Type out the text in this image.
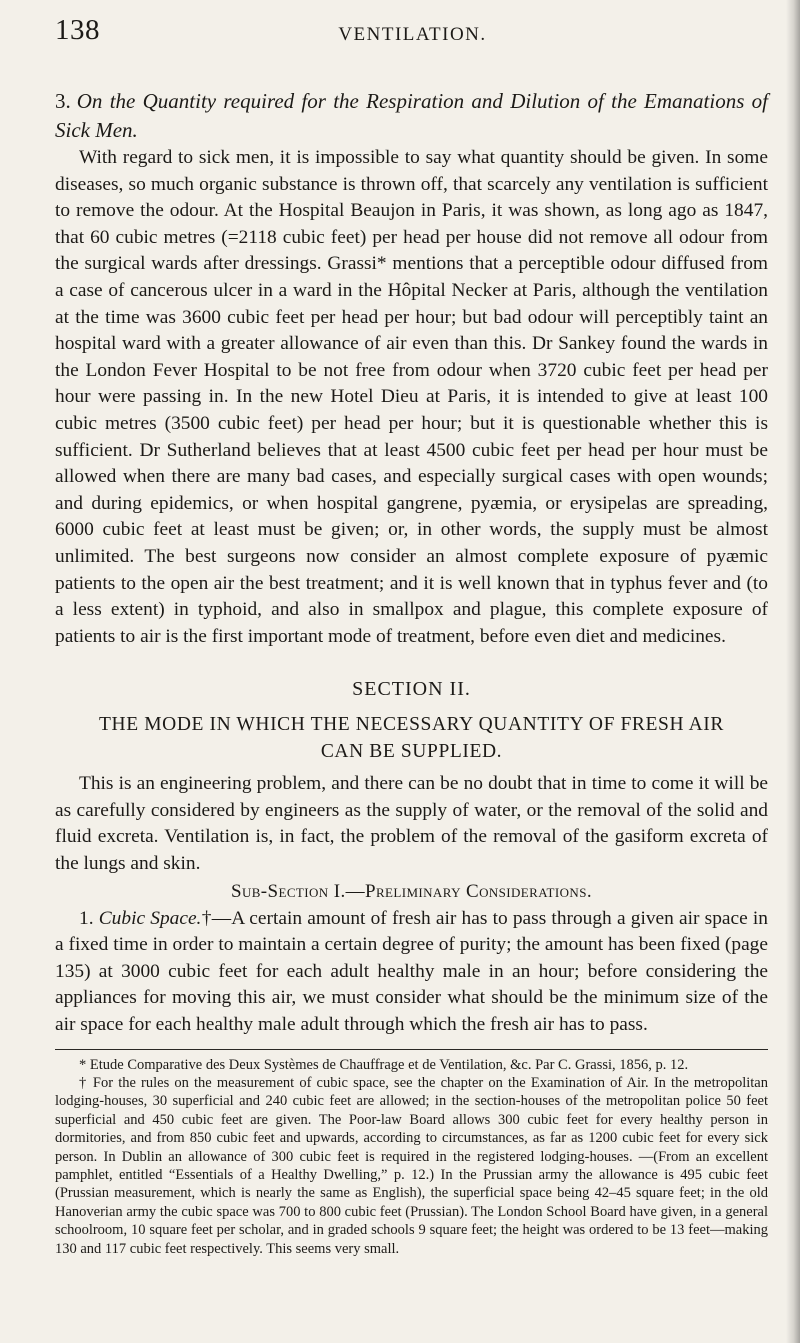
138	VENTILATION.

3. On the Quantity required for the Respiration and Dilution of the Emanations of Sick Men.

With regard to sick men, it is impossible to say what quantity should be given. In some diseases, so much organic substance is thrown off, that scarcely any ventilation is sufficient to remove the odour. At the Hospital Beaujon in Paris, it was shown, as long ago as 1847, that 60 cubic metres (=2118 cubic feet) per head per house did not remove all odour from the surgical wards after dressings. Grassi* mentions that a perceptible odour diffused from a case of cancerous ulcer in a ward in the Hôpital Necker at Paris, although the ventilation at the time was 3600 cubic feet per head per hour; but bad odour will perceptibly taint an hospital ward with a greater allowance of air even than this. Dr Sankey found the wards in the London Fever Hospital to be not free from odour when 3720 cubic feet per head per hour were passing in. In the new Hotel Dieu at Paris, it is intended to give at least 100 cubic metres (3500 cubic feet) per head per hour; but it is questionable whether this is sufficient. Dr Sutherland believes that at least 4500 cubic feet per head per hour must be allowed when there are many bad cases, and especially surgical cases with open wounds; and during epidemics, or when hospital gangrene, pyæmia, or erysipelas are spreading, 6000 cubic feet at least must be given; or, in other words, the supply must be almost unlimited. The best surgeons now consider an almost complete exposure of pyæmic patients to the open air the best treatment; and it is well known that in typhus fever and (to a less extent) in typhoid, and also in smallpox and plague, this complete exposure of patients to air is the first important mode of treatment, before even diet and medicines.

SECTION II.

THE MODE IN WHICH THE NECESSARY QUANTITY OF FRESH AIR CAN BE SUPPLIED.

This is an engineering problem, and there can be no doubt that in time to come it will be as carefully considered by engineers as the supply of water, or the removal of the solid and fluid excreta. Ventilation is, in fact, the problem of the removal of the gasiform excreta of the lungs and skin.

Sub-Section I.—Preliminary Considerations.

1. Cubic Space.†—A certain amount of fresh air has to pass through a given air space in a fixed time in order to maintain a certain degree of purity; the amount has been fixed (page 135) at 3000 cubic feet for each adult healthy male in an hour; before considering the appliances for moving this air, we must consider what should be the minimum size of the air space for each healthy male adult through which the fresh air has to pass.

* Etude Comparative des Deux Systèmes de Chauffrage et de Ventilation, &c. Par C. Grassi, 1856, p. 12.

† For the rules on the measurement of cubic space, see the chapter on the Examination of Air. In the metropolitan lodging-houses, 30 superficial and 240 cubic feet are allowed; in the section-houses of the metropolitan police 50 feet superficial and 450 cubic feet are given. The Poor-law Board allows 300 cubic feet for every healthy person in dormitories, and from 850 cubic feet and upwards, according to circumstances, as far as 1200 cubic feet for every sick person. In Dublin an allowance of 300 cubic feet is required in the registered lodging-houses. —(From an excellent pamphlet, entitled “Essentials of a Healthy Dwelling,” p. 12.) In the Prussian army the allowance is 495 cubic feet (Prussian measurement, which is nearly the same as English), the superficial space being 42–45 square feet; in the old Hanoverian army the cubic space was 700 to 800 cubic feet (Prussian). The London School Board have given, in a general schoolroom, 10 square feet per scholar, and in graded schools 9 square feet; the height was ordered to be 13 feet—making 130 and 117 cubic feet respectively. This seems very small.
